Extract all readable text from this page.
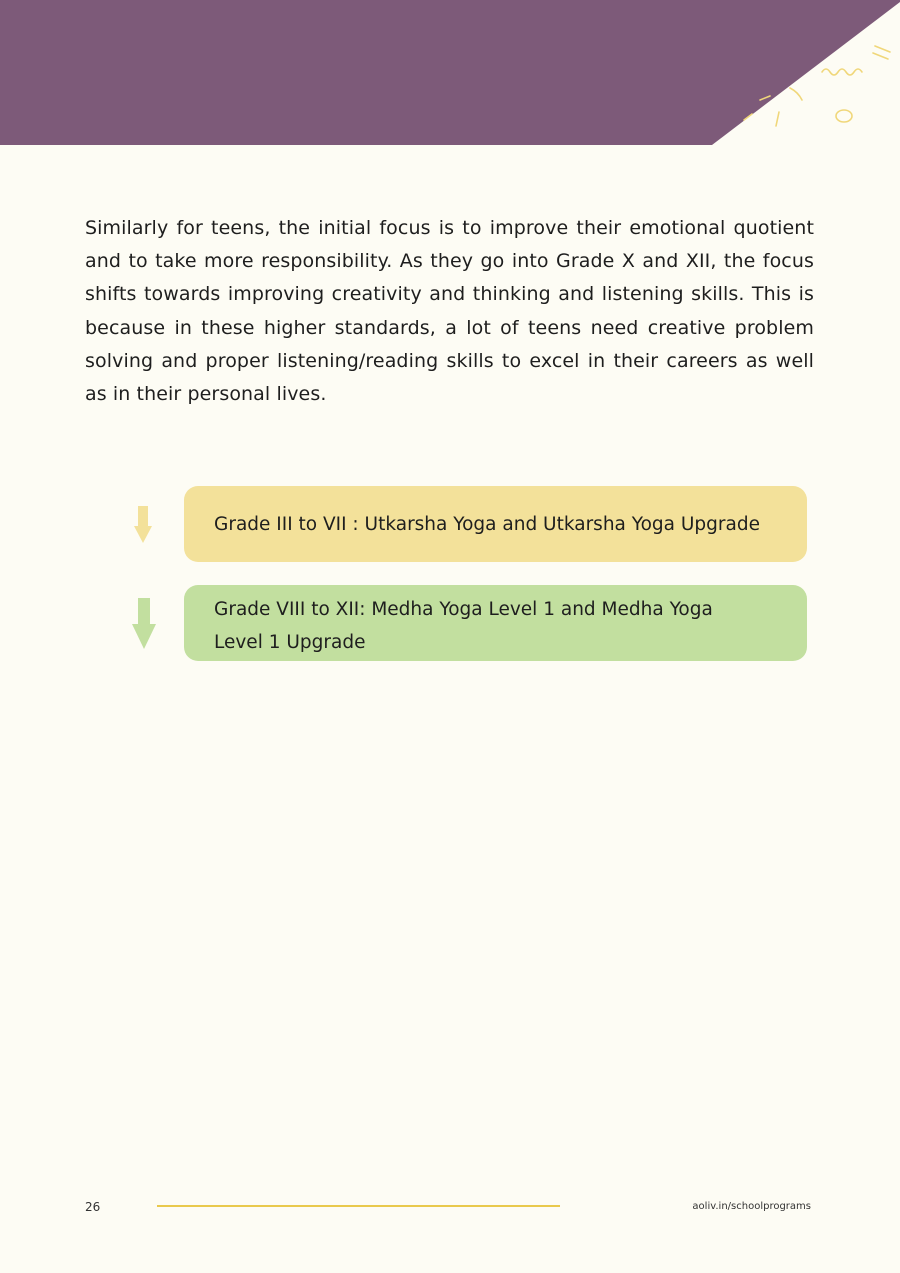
Similarly for teens, the initial focus is to improve their emotional quotient and to take more responsibility. As they go into Grade X and XII, the focus shifts towards improving creativity and thinking and listening skills. This is because in these higher standards, a lot of teens need creative problem solving and proper listening/reading skills to excel in their careers as well as in their personal lives.

Grade III to VII : Utkarsha Yoga and Utkarsha Yoga Upgrade
Grade VIII to XII: Medha Yoga Level 1 and Medha Yoga Level 1 Upgrade
26	aoliv.in/schoolprograms
